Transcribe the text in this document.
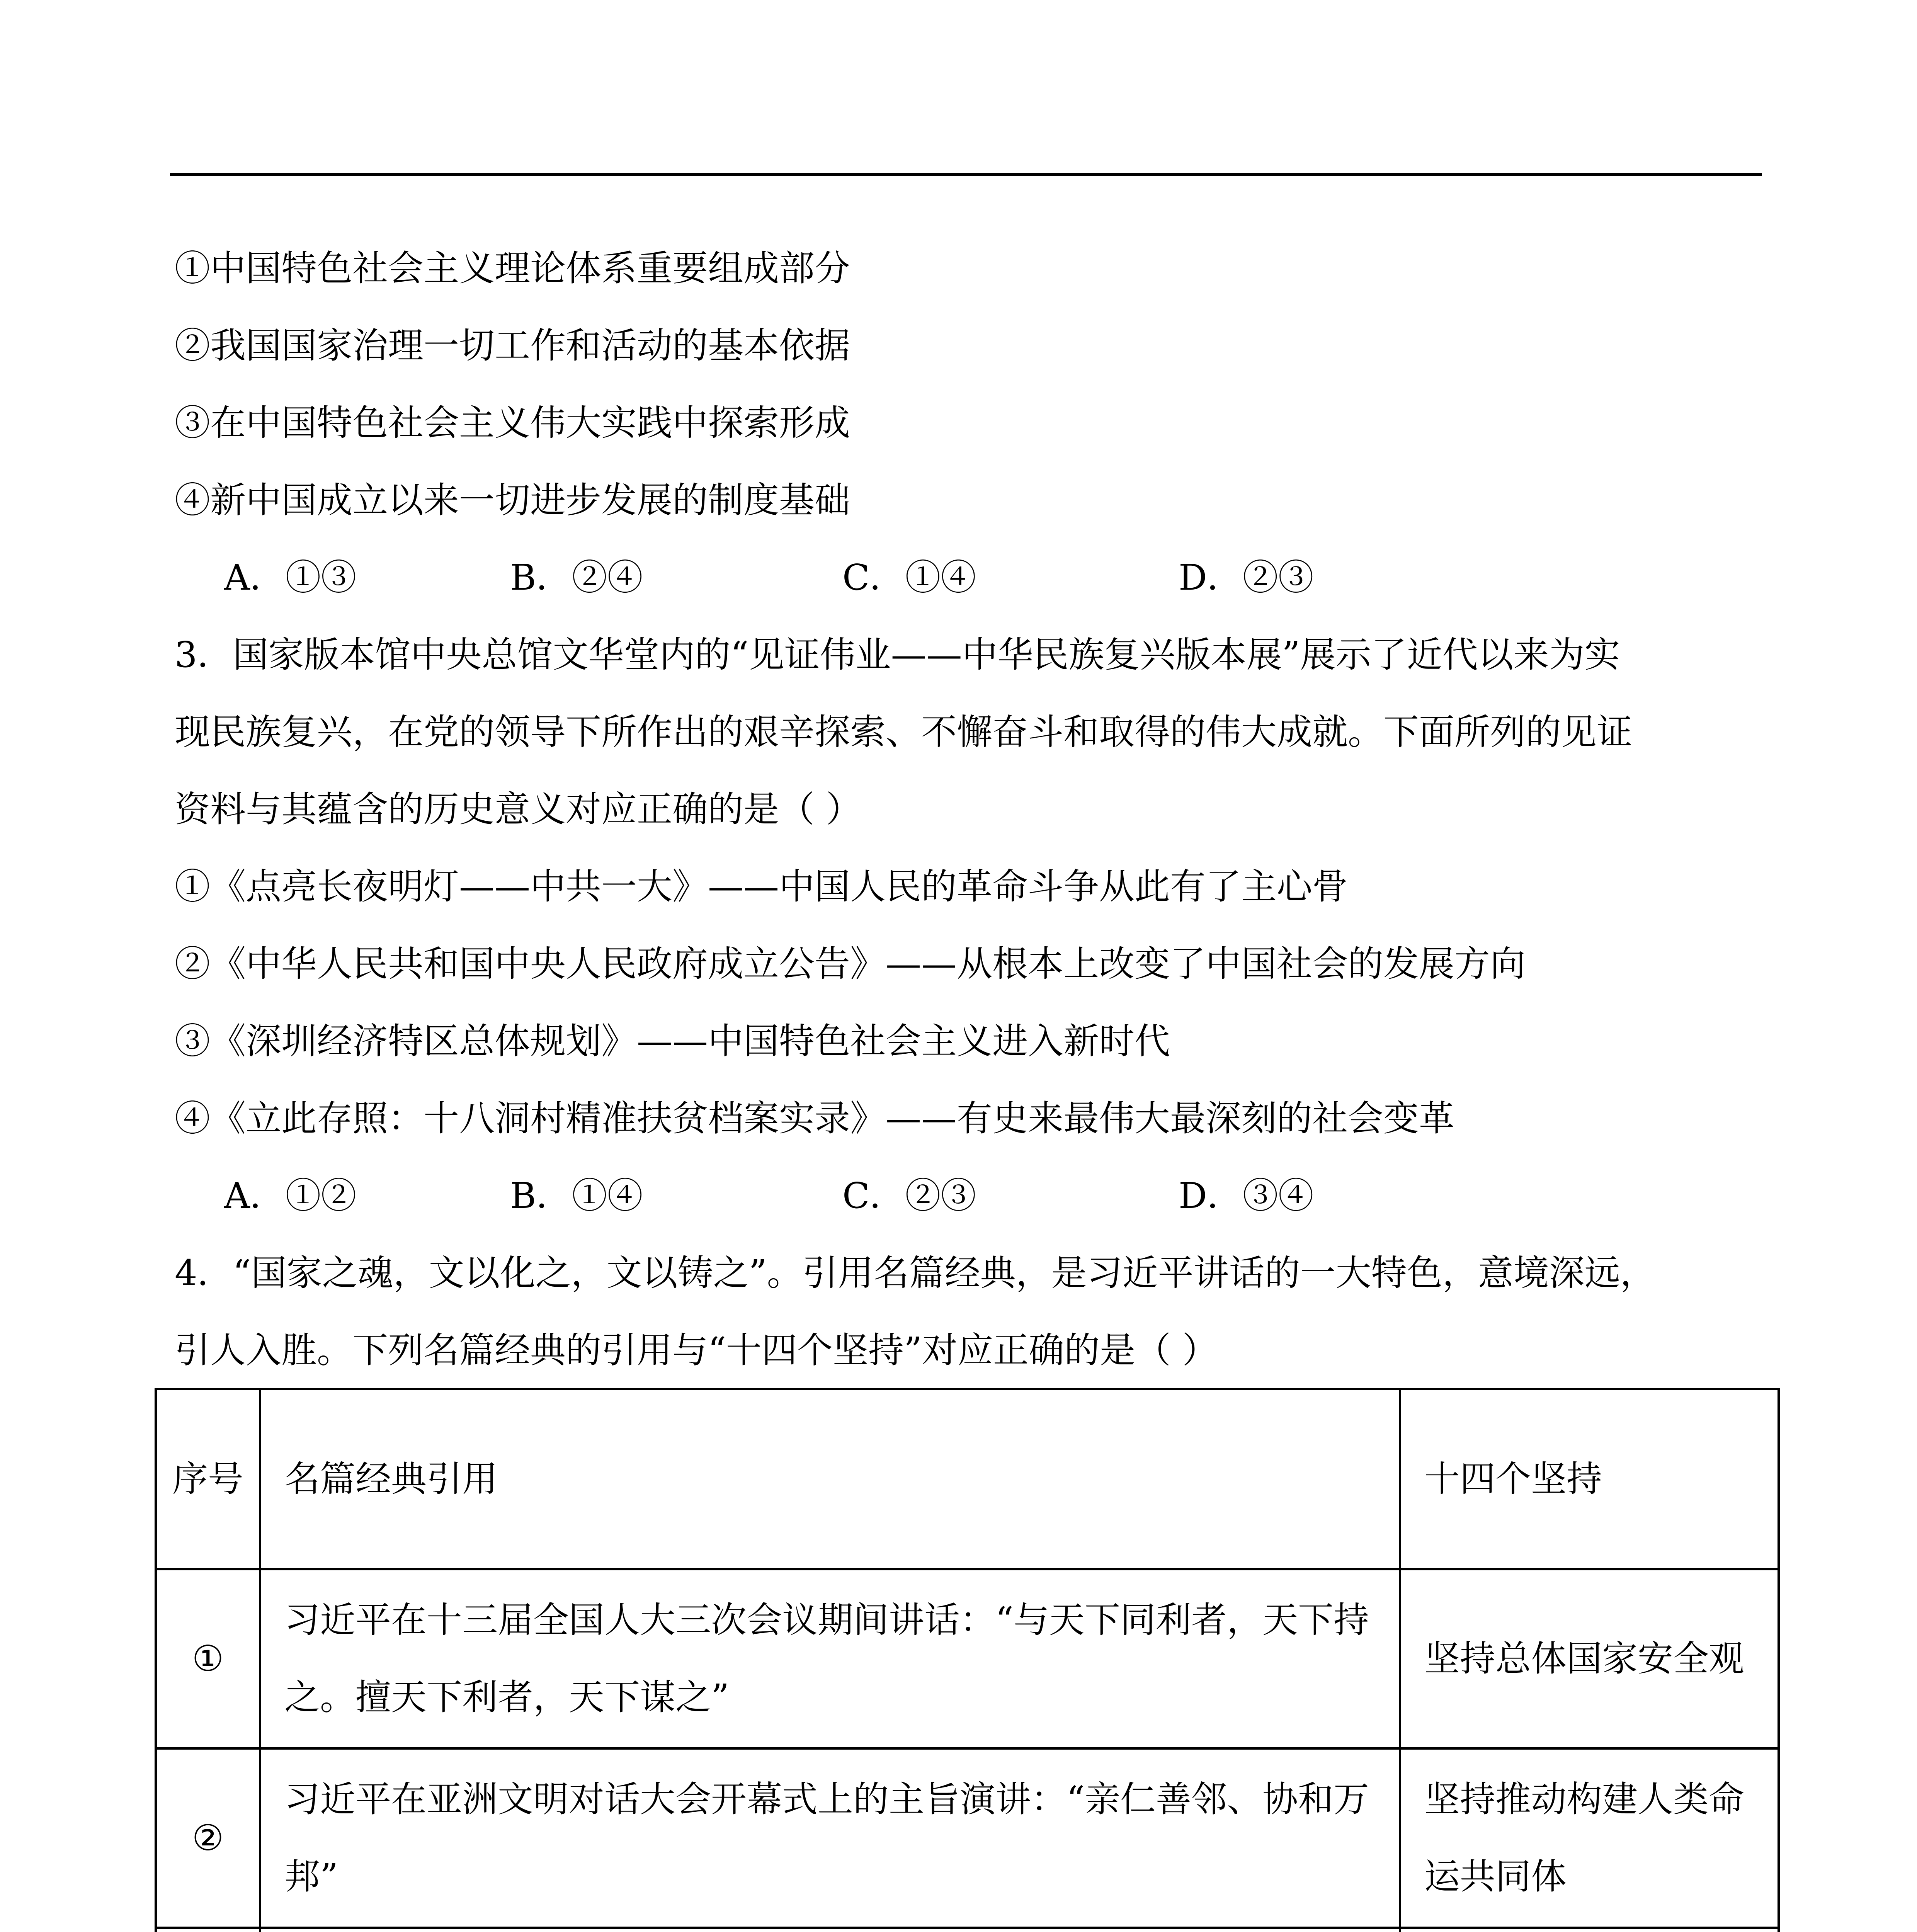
①中国特色社会主义理论体系重要组成部分
②我国国家治理一切工作和活动的基本依据
③在中国特色社会主义伟大实践中探索形成
④新中国成立以来一切进步发展的制度基础
A．①③	B．②④	C．①④	D．②③
3．国家版本馆中央总馆文华堂内的“见证伟业——中华民族复兴版本展”展示了近代以来为实
现民族复兴，在党的领导下所作出的艰辛探索、不懈奋斗和取得的伟大成就。下面所列的见证
资料与其蕴含的历史意义对应正确的是（ ）
①《点亮长夜明灯——中共一大》——中国人民的革命斗争从此有了主心骨
②《中华人民共和国中央人民政府成立公告》——从根本上改变了中国社会的发展方向
③《深圳经济特区总体规划》——中国特色社会主义进入新时代
④《立此存照：十八洞村精准扶贫档案实录》——有史来最伟大最深刻的社会变革
A．①②	B．①④	C．②③	D．③④
4．“国家之魂，文以化之，文以铸之”。引用名篇经典，是习近平讲话的一大特色，意境深远，
引人入胜。下列名篇经典的引用与“十四个坚持”对应正确的是（ ）
序号	名篇经典引用	十四个坚持
①	习近平在十三届全国人大三次会议期间讲话：“与天下同利者，天下持之。擅天下利者，天下谋之”	坚持总体国家安全观
②	习近平在亚洲文明对话大会开幕式上的主旨演讲：“亲仁善邻、协和万邦”	坚持推动构建人类命运共同体
